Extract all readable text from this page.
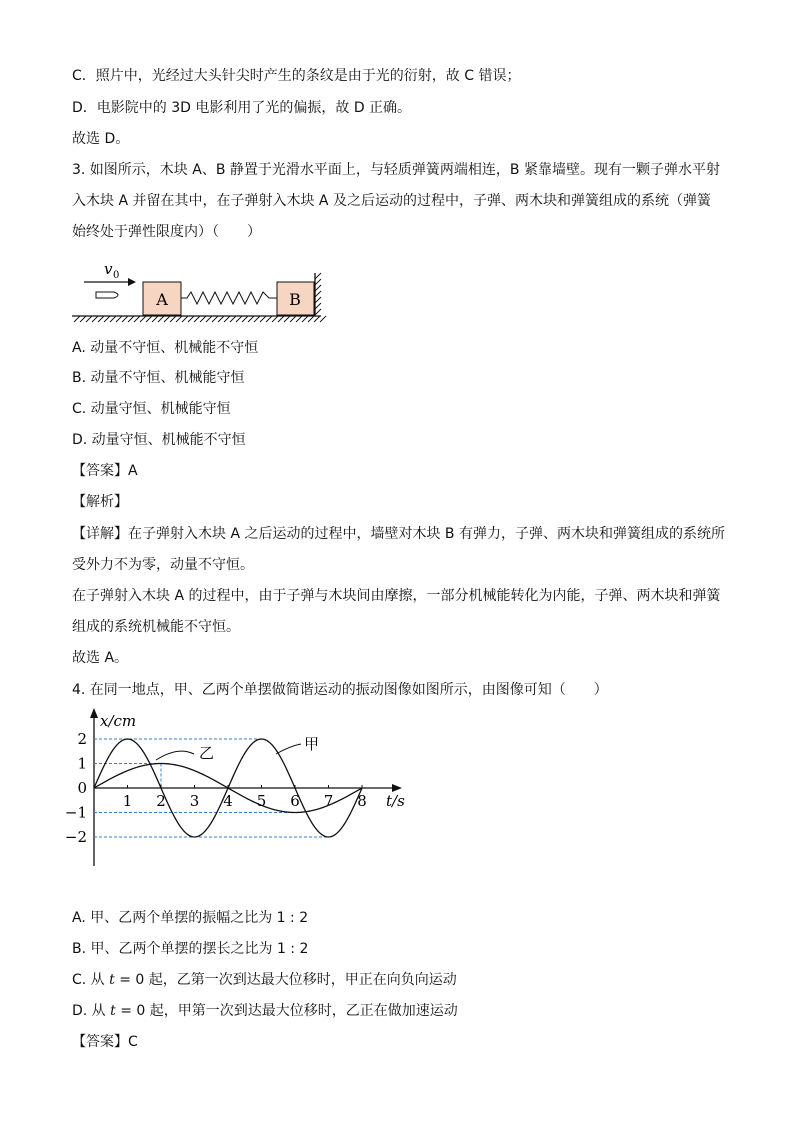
C．照片中，光经过大头针尖时产生的条纹是由于光的衍射，故 C 错误；
D．电影院中的 3D 电影利用了光的偏振，故 D 正确。
故选 D。
3. 如图所示，木块 A、B 静置于光滑水平面上，与轻质弹簧两端相连，B 紧靠墙壁。现有一颗子弹水平射
入木块 A 并留在其中，在子弹射入木块 A 及之后运动的过程中，子弹、两木块和弹簧组成的系统（弹簧
始终处于弹性限度内）（　　）
v 0
A	B
A. 动量不守恒、机械能不守恒
B. 动量不守恒、机械能守恒
C. 动量守恒、机械能守恒
D. 动量守恒、机械能不守恒
【答案】A
【解析】
【详解】在子弹射入木块 A 之后运动的过程中，墙壁对木块 B 有弹力，子弹、两木块和弹簧组成的系统所
受外力不为零，动量不守恒。
在子弹射入木块 A 的过程中，由于子弹与木块间由摩擦，一部分机械能转化为内能，子弹、两木块和弹簧
组成的系统机械能不守恒。
故选 A。
4. 在同一地点，甲、乙两个单摆做简谐运动的振动图像如图所示，由图像可知（　　）
x/cm
t/s
2
1
0
−1
−2
1 2 3 4 5 6 7 8
乙	甲
A. 甲、乙两个单摆的振幅之比为 1 : 2
B. 甲、乙两个单摆的摆长之比为 1 : 2
C. 从 t = 0 起，乙第一次到达最大位移时，甲正在向负向运动
D. 从 t = 0 起，甲第一次到达最大位移时，乙正在做加速运动
【答案】C
